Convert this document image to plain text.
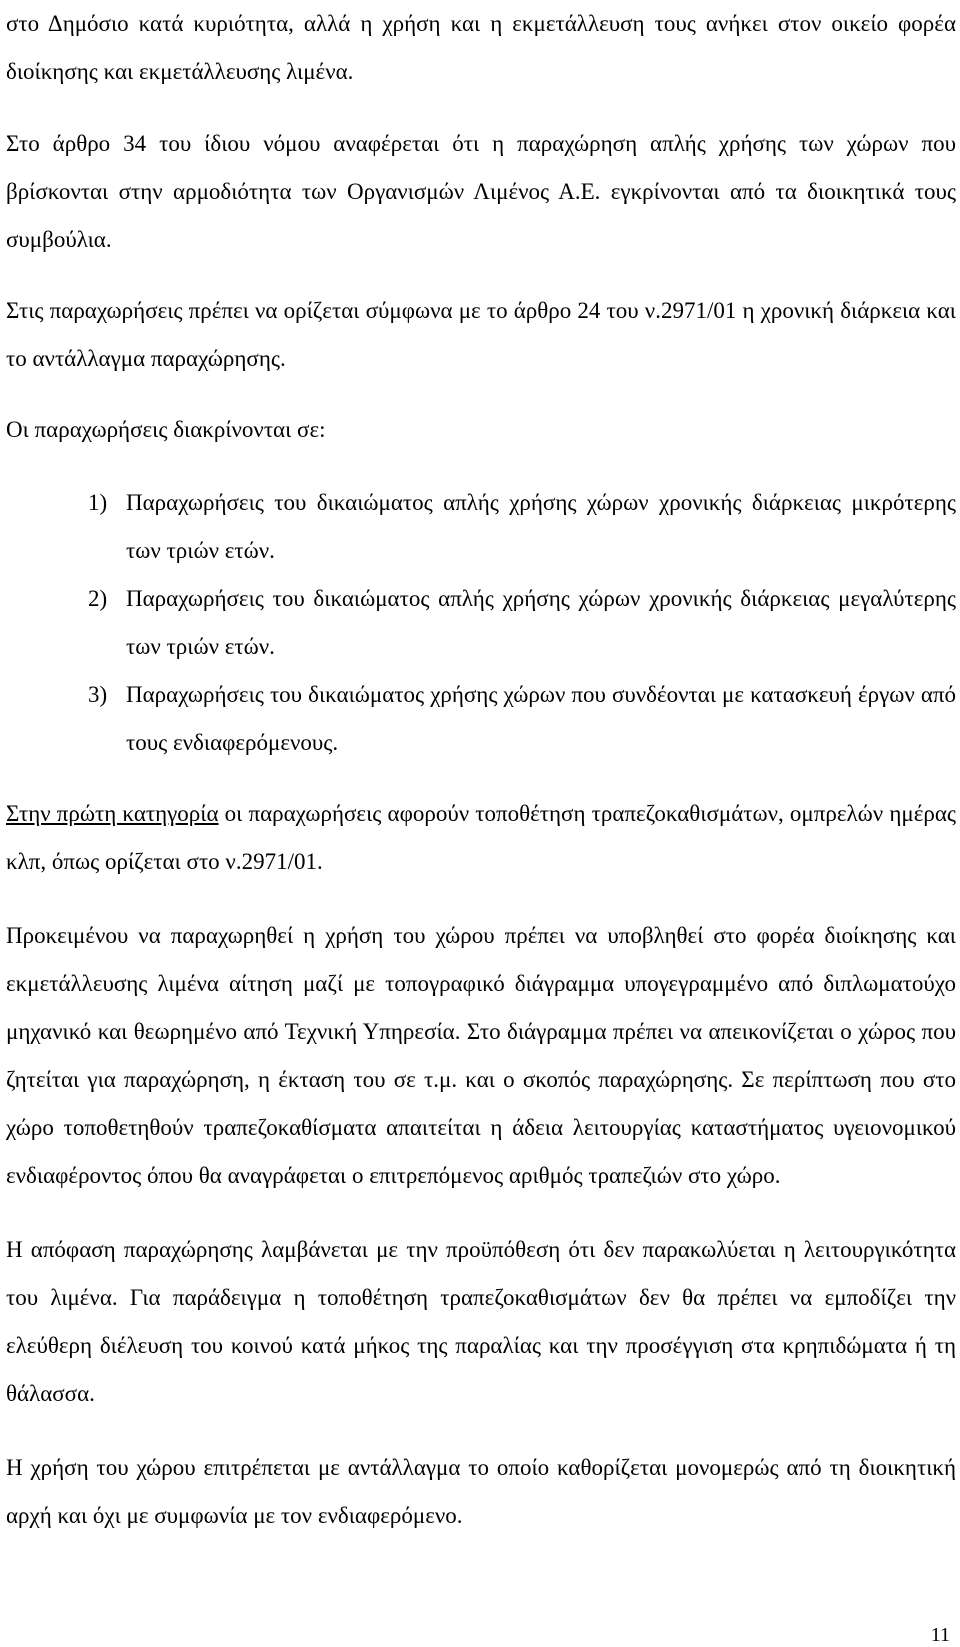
στο Δημόσιο κατά κυριότητα, αλλά η χρήση και η εκμετάλλευση τους ανήκει στον οικείο φορέα διοίκησης και εκμετάλλευσης λιμένα.

Στο άρθρο 34 του ίδιου νόμου αναφέρεται ότι η παραχώρηση απλής χρήσης των χώρων που βρίσκονται στην αρμοδιότητα των Οργανισμών Λιμένος Α.Ε. εγκρίνονται από τα διοικητικά τους συμβούλια.

Στις παραχωρήσεις πρέπει να ορίζεται σύμφωνα με το άρθρο 24 του ν.2971/01 η χρονική διάρκεια και το αντάλλαγμα παραχώρησης.

Οι παραχωρήσεις διακρίνονται σε:

1) Παραχωρήσεις του δικαιώματος απλής χρήσης χώρων χρονικής διάρκειας μικρότερης των τριών ετών.
2) Παραχωρήσεις του δικαιώματος απλής χρήσης χώρων χρονικής διάρκειας μεγαλύτερης των τριών ετών.
3) Παραχωρήσεις του δικαιώματος χρήσης χώρων που συνδέονται με κατασκευή έργων από τους ενδιαφερόμενους.

Στην πρώτη κατηγορία οι παραχωρήσεις αφορούν τοποθέτηση τραπεζοκαθισμάτων, ομπρελών ημέρας κλπ, όπως ορίζεται στο ν.2971/01.

Προκειμένου να παραχωρηθεί η χρήση του χώρου πρέπει να υποβληθεί στο φορέα διοίκησης και εκμετάλλευσης λιμένα αίτηση μαζί με τοπογραφικό διάγραμμα υπογεγραμμένο από διπλωματούχο μηχανικό και θεωρημένο από Τεχνική Υπηρεσία. Στο διάγραμμα πρέπει να απεικονίζεται ο χώρος που ζητείται για παραχώρηση, η έκταση του σε τ.μ. και ο σκοπός παραχώρησης. Σε περίπτωση που στο χώρο τοποθετηθούν τραπεζοκαθίσματα απαιτείται η άδεια λειτουργίας καταστήματος υγειονομικού ενδιαφέροντος όπου θα αναγράφεται ο επιτρεπόμενος αριθμός τραπεζιών στο χώρο.

Η απόφαση παραχώρησης λαμβάνεται με την προϋπόθεση ότι δεν παρακωλύεται η λειτουργικότητα του λιμένα. Για παράδειγμα η τοποθέτηση τραπεζοκαθισμάτων δεν θα πρέπει να εμποδίζει την ελεύθερη διέλευση του κοινού κατά μήκος της παραλίας και την προσέγγιση στα κρηπιδώματα ή τη θάλασσα.

Η χρήση του χώρου επιτρέπεται με αντάλλαγμα το οποίο καθορίζεται μονομερώς από τη διοικητική αρχή και όχι με συμφωνία με τον ενδιαφερόμενο.

11
